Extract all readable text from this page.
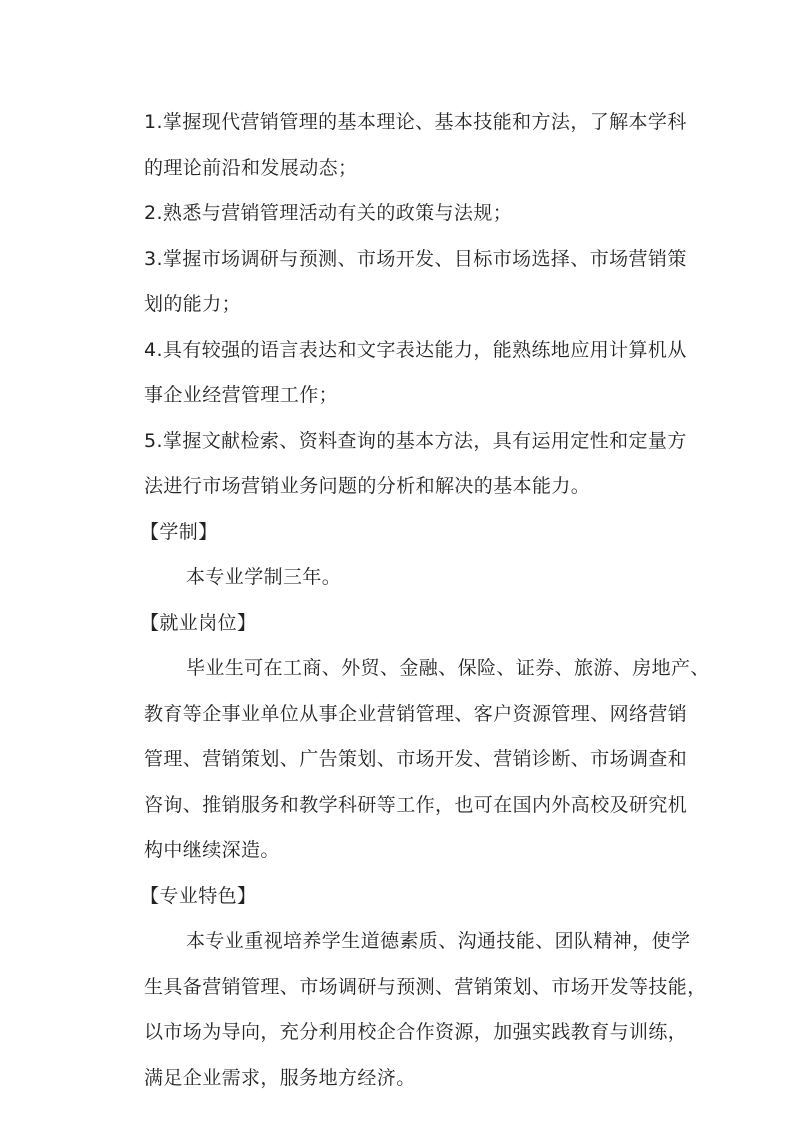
1.掌握现代营销管理的基本理论、基本技能和方法，了解本学科
的理论前沿和发展动态；
2.熟悉与营销管理活动有关的政策与法规；
3.掌握市场调研与预测、市场开发、目标市场选择、市场营销策
划的能力；
4.具有较强的语言表达和文字表达能力，能熟练地应用计算机从
事企业经营管理工作；
5.掌握文献检索、资料查询的基本方法，具有运用定性和定量方
法进行市场营销业务问题的分析和解决的基本能力。
【学制】
本专业学制三年。
【就业岗位】
毕业生可在工商、外贸、金融、保险、证券、旅游、房地产、
教育等企事业单位从事企业营销管理、客户资源管理、网络营销
管理、营销策划、广告策划、市场开发、营销诊断、市场调查和
咨询、推销服务和教学科研等工作，也可在国内外高校及研究机
构中继续深造。
【专业特色】
本专业重视培养学生道德素质、沟通技能、团队精神，使学
生具备营销管理、市场调研与预测、营销策划、市场开发等技能，
以市场为导向，充分利用校企合作资源，加强实践教育与训练，
满足企业需求，服务地方经济。
